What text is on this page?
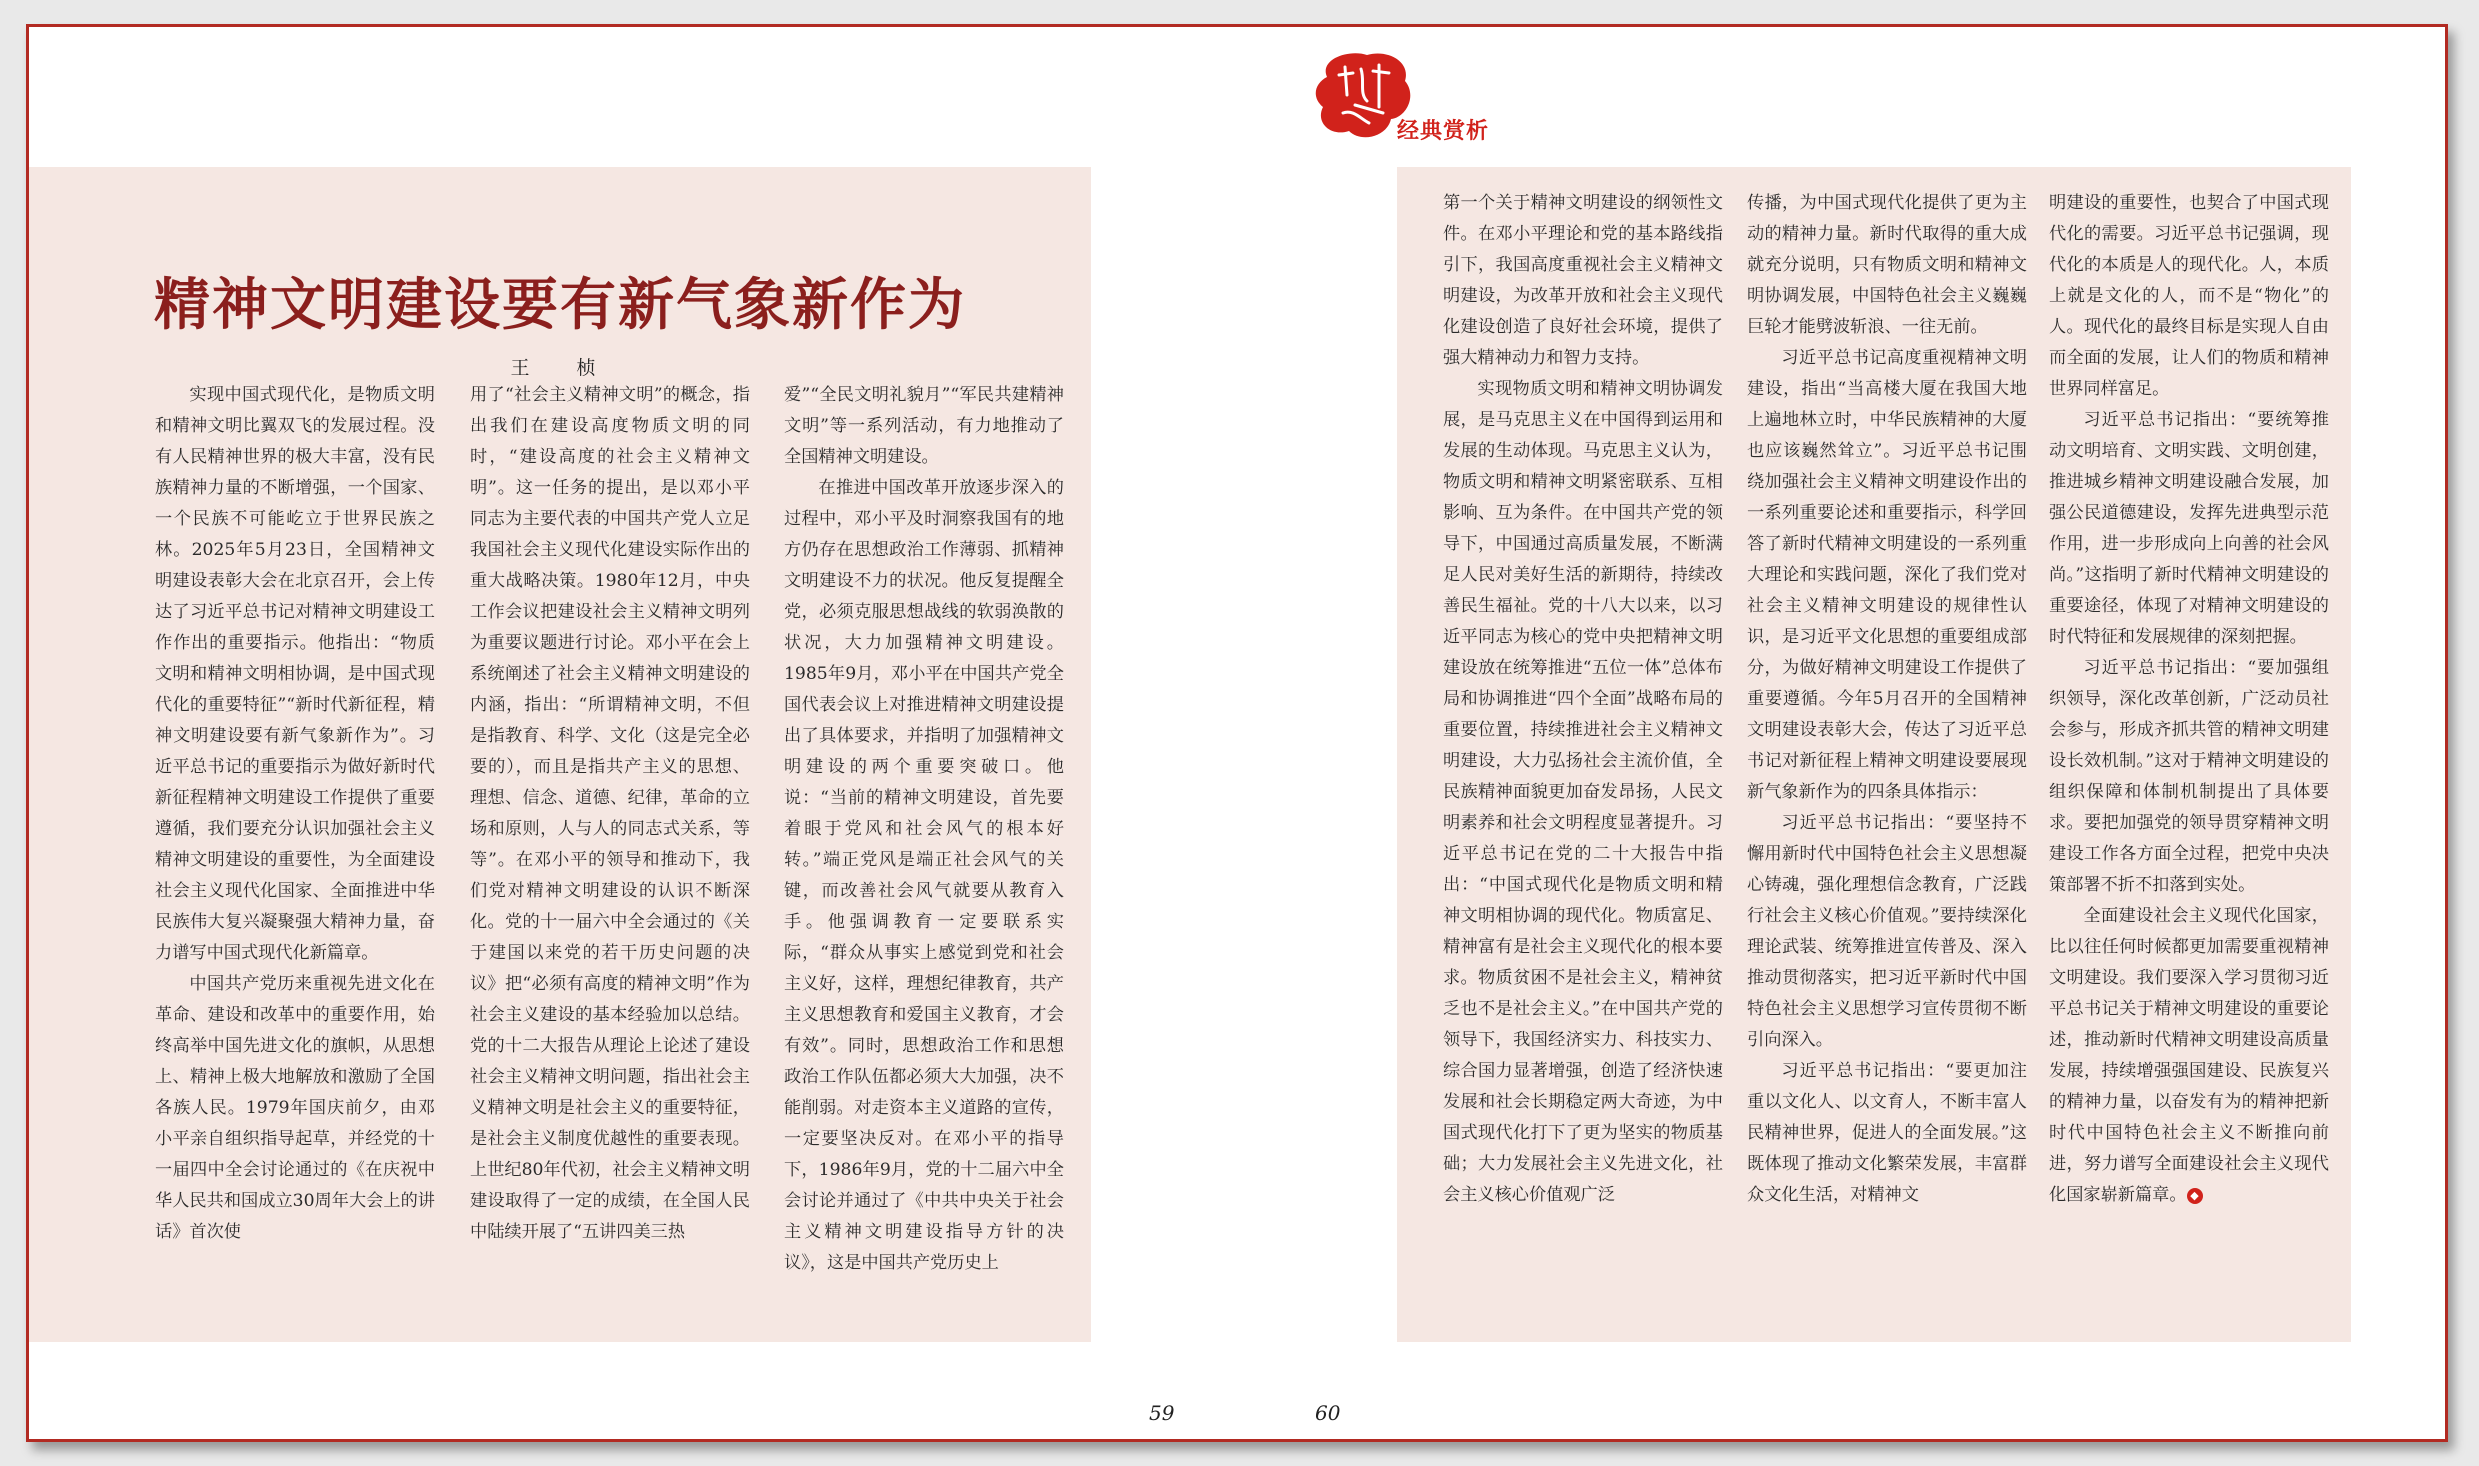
经典赏析
精神文明建设要有新气象新作为
王　桢

实现中国式现代化，是物质文明和精神文明比翼双飞的发展过程。没有人民精神世界的极大丰富，没有民族精神力量的不断增强，一个国家、一个民族不可能屹立于世界民族之林。2025年5月23日，全国精神文明建设表彰大会在北京召开，会上传达了习近平总书记对精神文明建设工作作出的重要指示。他指出：“物质文明和精神文明相协调，是中国式现代化的重要特征”“新时代新征程，精神文明建设要有新气象新作为”。习近平总书记的重要指示为做好新时代新征程精神文明建设工作提供了重要遵循，我们要充分认识加强社会主义精神文明建设的重要性，为全面建设社会主义现代化国家、全面推进中华民族伟大复兴凝聚强大精神力量，奋力谱写中国式现代化新篇章。

中国共产党历来重视先进文化在革命、建设和改革中的重要作用，始终高举中国先进文化的旗帜，从思想上、精神上极大地解放和激励了全国各族人民。1979年国庆前夕，由邓小平亲自组织指导起草，并经党的十一届四中全会讨论通过的《在庆祝中华人民共和国成立30周年大会上的讲话》首次使

用了“社会主义精神文明”的概念，指出我们在建设高度物质文明的同时，“建设高度的社会主义精神文明”。这一任务的提出，是以邓小平同志为主要代表的中国共产党人立足我国社会主义现代化建设实际作出的重大战略决策。1980年12月，中央工作会议把建设社会主义精神文明列为重要议题进行讨论。邓小平在会上系统阐述了社会主义精神文明建设的内涵，指出：“所谓精神文明，不但是指教育、科学、文化（这是完全必要的），而且是指共产主义的思想、理想、信念、道德、纪律，革命的立场和原则，人与人的同志式关系，等等”。在邓小平的领导和推动下，我们党对精神文明建设的认识不断深化。党的十一届六中全会通过的《关于建国以来党的若干历史问题的决议》把“必须有高度的精神文明”作为社会主义建设的基本经验加以总结。党的十二大报告从理论上论述了建设社会主义精神文明问题，指出社会主义精神文明是社会主义的重要特征，是社会主义制度优越性的重要表现。上世纪80年代初，社会主义精神文明建设取得了一定的成绩，在全国人民中陆续开展了“五讲四美三热

爱”“全民文明礼貌月”“军民共建精神文明”等一系列活动，有力地推动了全国精神文明建设。

在推进中国改革开放逐步深入的过程中，邓小平及时洞察我国有的地方仍存在思想政治工作薄弱、抓精神文明建设不力的状况。他反复提醒全党，必须克服思想战线的软弱涣散的状况，大力加强精神文明建设。1985年9月，邓小平在中国共产党全国代表会议上对推进精神文明建设提出了具体要求，并指明了加强精神文明建设的两个重要突破口。他说：“当前的精神文明建设，首先要着眼于党风和社会风气的根本好转。”端正党风是端正社会风气的关键，而改善社会风气就要从教育入手。他强调教育一定要联系实际，“群众从事实上感觉到党和社会主义好，这样，理想纪律教育，共产主义思想教育和爱国主义教育，才会有效”。同时，思想政治工作和思想政治工作队伍都必须大大加强，决不能削弱。对走资本主义道路的宣传，一定要坚决反对。在邓小平的指导下，1986年9月，党的十二届六中全会讨论并通过了《中共中央关于社会主义精神文明建设指导方针的决议》，这是中国共产党历史上

第一个关于精神文明建设的纲领性文件。在邓小平理论和党的基本路线指引下，我国高度重视社会主义精神文明建设，为改革开放和社会主义现代化建设创造了良好社会环境，提供了强大精神动力和智力支持。

实现物质文明和精神文明协调发展，是马克思主义在中国得到运用和发展的生动体现。马克思主义认为，物质文明和精神文明紧密联系、互相影响、互为条件。在中国共产党的领导下，中国通过高质量发展，不断满足人民对美好生活的新期待，持续改善民生福祉。党的十八大以来，以习近平同志为核心的党中央把精神文明建设放在统筹推进“五位一体”总体布局和协调推进“四个全面”战略布局的重要位置，持续推进社会主义精神文明建设，大力弘扬社会主流价值，全民族精神面貌更加奋发昂扬，人民文明素养和社会文明程度显著提升。习近平总书记在党的二十大报告中指出：“中国式现代化是物质文明和精神文明相协调的现代化。物质富足、精神富有是社会主义现代化的根本要求。物质贫困不是社会主义，精神贫乏也不是社会主义。”在中国共产党的领导下，我国经济实力、科技实力、综合国力显著增强，创造了经济快速发展和社会长期稳定两大奇迹，为中国式现代化打下了更为坚实的物质基础；大力发展社会主义先进文化，社会主义核心价值观广泛

传播，为中国式现代化提供了更为主动的精神力量。新时代取得的重大成就充分说明，只有物质文明和精神文明协调发展，中国特色社会主义巍巍巨轮才能劈波斩浪、一往无前。

习近平总书记高度重视精神文明建设，指出“当高楼大厦在我国大地上遍地林立时，中华民族精神的大厦也应该巍然耸立”。习近平总书记围绕加强社会主义精神文明建设作出的一系列重要论述和重要指示，科学回答了新时代精神文明建设的一系列重大理论和实践问题，深化了我们党对社会主义精神文明建设的规律性认识，是习近平文化思想的重要组成部分，为做好精神文明建设工作提供了重要遵循。今年5月召开的全国精神文明建设表彰大会，传达了习近平总书记对新征程上精神文明建设要展现新气象新作为的四条具体指示：

习近平总书记指出：“要坚持不懈用新时代中国特色社会主义思想凝心铸魂，强化理想信念教育，广泛践行社会主义核心价值观。”要持续深化理论武装、统筹推进宣传普及、深入推动贯彻落实，把习近平新时代中国特色社会主义思想学习宣传贯彻不断引向深入。

习近平总书记指出：“要更加注重以文化人、以文育人，不断丰富人民精神世界，促进人的全面发展。”这既体现了推动文化繁荣发展，丰富群众文化生活，对精神文

明建设的重要性，也契合了中国式现代化的需要。习近平总书记强调，现代化的本质是人的现代化。人，本质上就是文化的人，而不是“物化”的人。现代化的最终目标是实现人自由而全面的发展，让人们的物质和精神世界同样富足。

习近平总书记指出：“要统筹推动文明培育、文明实践、文明创建，推进城乡精神文明建设融合发展，加强公民道德建设，发挥先进典型示范作用，进一步形成向上向善的社会风尚。”这指明了新时代精神文明建设的重要途径，体现了对精神文明建设的时代特征和发展规律的深刻把握。

习近平总书记指出：“要加强组织领导，深化改革创新，广泛动员社会参与，形成齐抓共管的精神文明建设长效机制。”这对于精神文明建设的组织保障和体制机制提出了具体要求。要把加强党的领导贯穿精神文明建设工作各方面全过程，把党中央决策部署不折不扣落到实处。

全面建设社会主义现代化国家，比以往任何时候都更加需要重视精神文明建设。我们要深入学习贯彻习近平总书记关于精神文明建设的重要论述，推动新时代精神文明建设高质量发展，持续增强强国建设、民族复兴的精神力量，以奋发有为的精神把新时代中国特色社会主义不断推向前进，努力谱写全面建设社会主义现代化国家崭新篇章。 ◆

59	60
